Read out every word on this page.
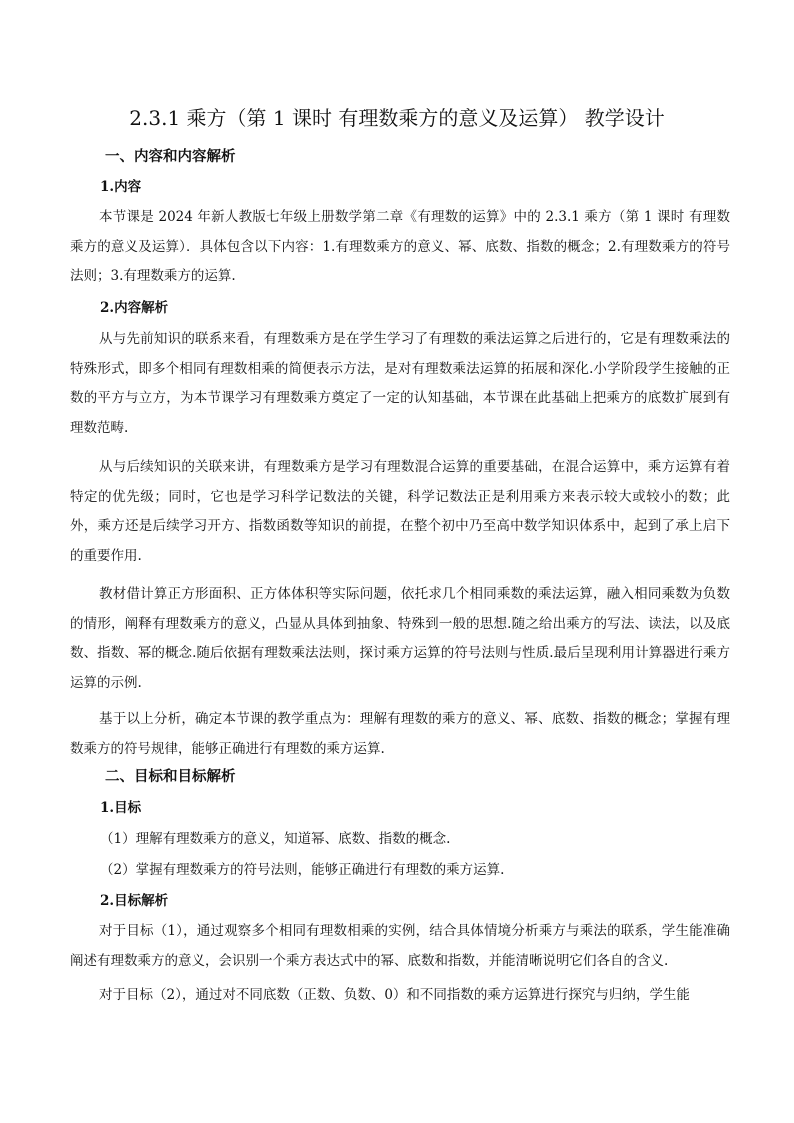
2.3.1 乘方（第 1 课时 有理数乘方的意义及运算） 教学设计
一、内容和内容解析
1.内容

本节课是 2024 年新人教版七年级上册数学第二章《有理数的运算》中的 2.3.1 乘方（第 1 课时 有理数乘方的意义及运算）．具体包含以下内容：1.有理数乘方的意义、幂、底数、指数的概念；2.有理数乘方的符号法则；3.有理数乘方的运算.

2.内容解析

从与先前知识的联系来看，有理数乘方是在学生学习了有理数的乘法运算之后进行的，它是有理数乘法的特殊形式，即多个相同有理数相乘的简便表示方法，是对有理数乘法运算的拓展和深化.小学阶段学生接触的正数的平方与立方，为本节课学习有理数乘方奠定了一定的认知基础，本节课在此基础上把乘方的底数扩展到有理数范畴.

从与后续知识的关联来讲，有理数乘方是学习有理数混合运算的重要基础，在混合运算中，乘方运算有着特定的优先级；同时，它也是学习科学记数法的关键，科学记数法正是利用乘方来表示较大或较小的数；此外，乘方还是后续学习开方、指数函数等知识的前提，在整个初中乃至高中数学知识体系中，起到了承上启下的重要作用.

教材借计算正方形面积、正方体体积等实际问题，依托求几个相同乘数的乘法运算，融入相同乘数为负数的情形，阐释有理数乘方的意义，凸显从具体到抽象、特殊到一般的思想.随之给出乘方的写法、读法，以及底数、指数、幂的概念.随后依据有理数乘法法则，探讨乘方运算的符号法则与性质.最后呈现利用计算器进行乘方运算的示例.

基于以上分析，确定本节课的教学重点为：理解有理数的乘方的意义、幂、底数、指数的概念；掌握有理数乘方的符号规律，能够正确进行有理数的乘方运算.

二、目标和目标解析
1.目标
（1）理解有理数乘方的意义，知道幂、底数、指数的概念.
（2）掌握有理数乘方的符号法则，能够正确进行有理数的乘方运算.
2.目标解析

对于目标（1），通过观察多个相同有理数相乘的实例，结合具体情境分析乘方与乘法的联系，学生能准确阐述有理数乘方的意义，会识别一个乘方表达式中的幂、底数和指数，并能清晰说明它们各自的含义.

对于目标（2），通过对不同底数（正数、负数、0）和不同指数的乘方运算进行探究与归纳，学生能
